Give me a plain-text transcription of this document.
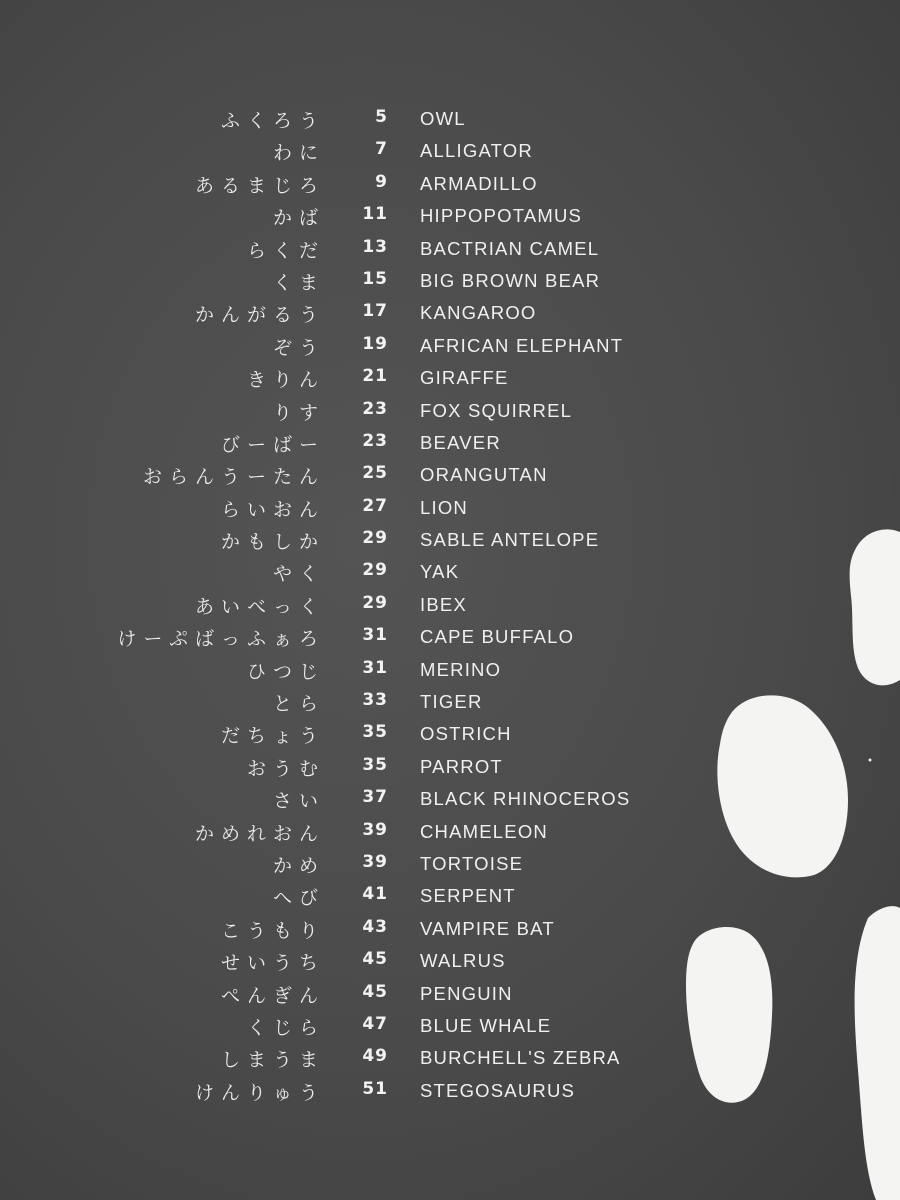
ふくろう	5 OWL
わに	7 ALLIGATOR
あるまじろ	9 ARMADILLO
かば 11 HIPPOPOTAMUS
らくだ 13 BACTRIAN CAMEL
くま 15 BIG BROWN BEAR
かんがるう 17 KANGAROO
ぞう 19 AFRICAN ELEPHANT
きりん 21 GIRAFFE
りす 23 FOX SQUIRREL
びーばー 23 BEAVER
おらんうーたん 25 ORANGUTAN
らいおん 27 LION
かもしか 29 SABLE ANTELOPE
やく 29 YAK
あいべっく 29 IBEX
けーぷばっふぁろ 31 CAPE BUFFALO
ひつじ 31 MERINO
とら 33 TIGER
だちょう 35 OSTRICH
おうむ 35 PARROT
さい 37 BLACK RHINOCEROS
かめれおん 39 CHAMELEON
かめ 39 TORTOISE
へび 41 SERPENT
こうもり 43 VAMPIRE BAT
せいうち 45 WALRUS
ぺんぎん 45 PENGUIN
くじら 47 BLUE WHALE
しまうま 49 BURCHELL'S ZEBRA
けんりゅう 51 STEGOSAURUS
